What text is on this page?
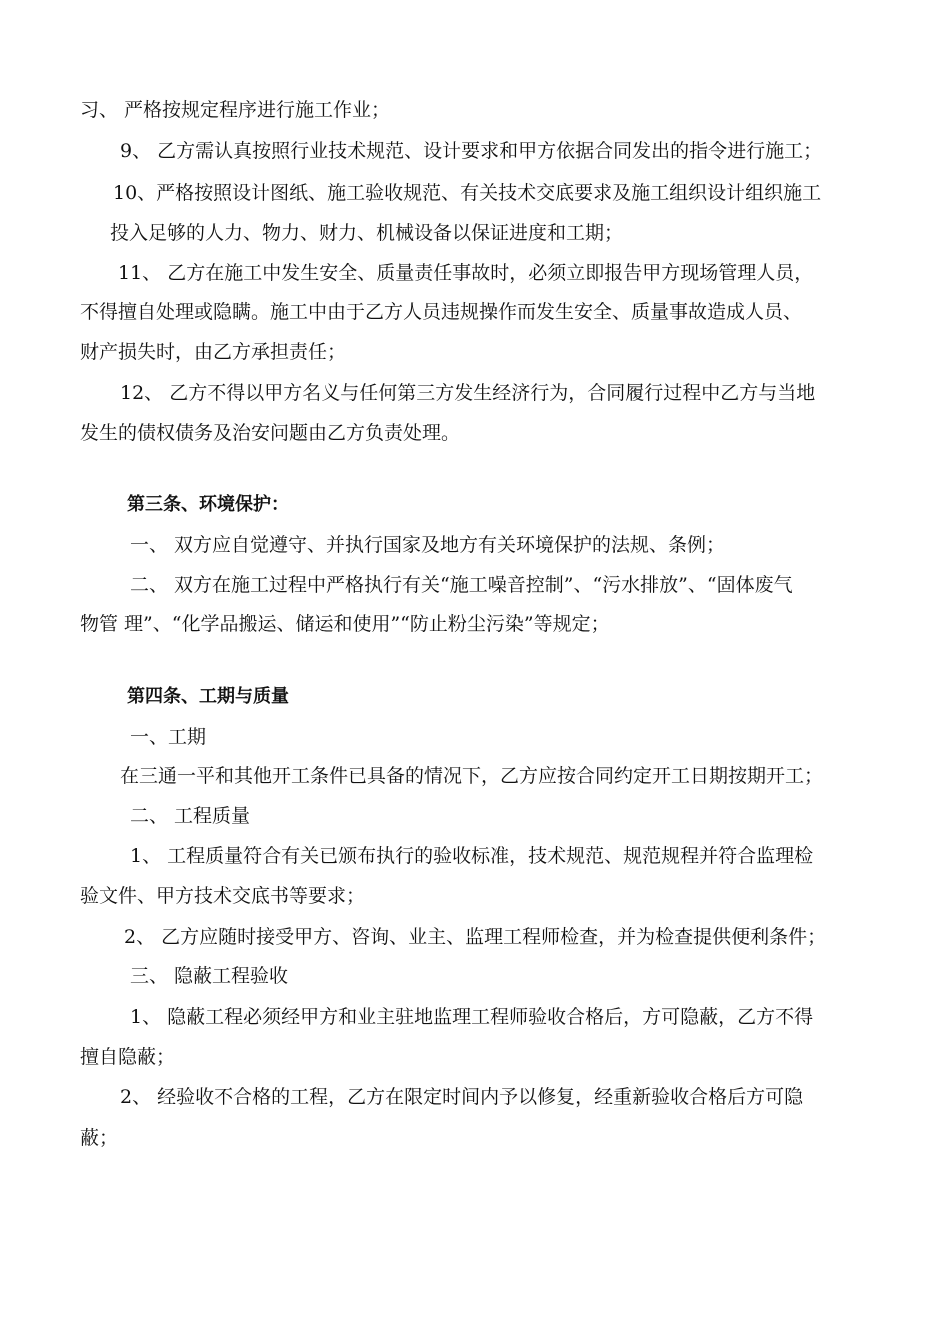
习、 严格按规定程序进行施工作业；
9、 乙方需认真按照行业技术规范、设计要求和甲方依据合同发出的指令进行施工；
10、严格按照设计图纸、施工验收规范、有关技术交底要求及施工组织设计组织施工
投入足够的人力、物力、财力、机械设备以保证进度和工期；
11、 乙方在施工中发生安全、质量责任事故时，必须立即报告甲方现场管理人员，
不得擅自处理或隐瞒。施工中由于乙方人员违规操作而发生安全、质量事故造成人员、
财产损失时，由乙方承担责任；
12、 乙方不得以甲方名义与任何第三方发生经济行为，合同履行过程中乙方与当地
发生的债权债务及治安问题由乙方负责处理。
第三条、环境保护：
一、 双方应自觉遵守、并执行国家及地方有关环境保护的法规、条例；
二、 双方在施工过程中严格执行有关“施工噪音控制”、“污水排放”、“固体废气
物管 理”、“化学品搬运、储运和使用”“防止粉尘污染”等规定；
第四条、工期与质量
一、工期
在三通一平和其他开工条件已具备的情况下，乙方应按合同约定开工日期按期开工；
二、 工程质量
1、 工程质量符合有关已颁布执行的验收标准，技术规范、规范规程并符合监理检
验文件、甲方技术交底书等要求；
2、 乙方应随时接受甲方、咨询、业主、监理工程师检查，并为检查提供便利条件；
三、 隐蔽工程验收
1、 隐蔽工程必须经甲方和业主驻地监理工程师验收合格后，方可隐蔽，乙方不得
擅自隐蔽；
2、 经验收不合格的工程，乙方在限定时间内予以修复，经重新验收合格后方可隐
蔽；
